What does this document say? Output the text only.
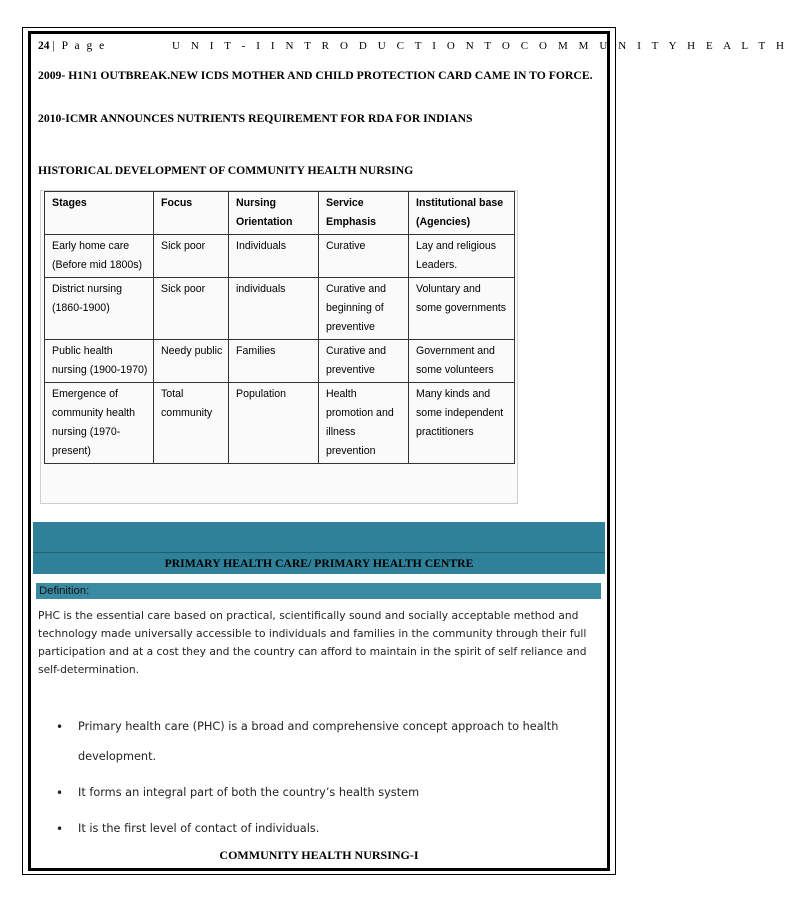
24 | P a g e	U N I T - I I N T R O D U C T I O N T O C O M M U N I T Y H E A L T H
2009- H1N1 OUTBREAK.NEW ICDS MOTHER AND CHILD PROTECTION CARD CAME IN TO FORCE.
2010-ICMR ANNOUNCES NUTRIENTS REQUIREMENT FOR RDA FOR INDIANS
HISTORICAL DEVELOPMENT OF COMMUNITY HEALTH NURSING
Stages	Focus	Nursing Orientation	Service Emphasis	Institutional base (Agencies)
Early home care (Before mid 1800s)	Sick poor	Individuals	Curative	Lay and religious Leaders.
District nursing (1860-1900)	Sick poor	individuals	Curative and beginning of preventive	Voluntary and some governments
Public health nursing (1900-1970)	Needy public	Families	Curative and preventive	Government and some volunteers
Emergence of community health nursing (1970-present)	Total community	Population	Health promotion and illness prevention	Many kinds and some independent practitioners
PRIMARY HEALTH CARE/ PRIMARY HEALTH CENTRE
Definition:
PHC is the essential care based on practical, scientifically sound and socially acceptable method and technology made universally accessible to individuals and families in the community through their full participation and at a cost they and the country can afford to maintain in the spirit of self reliance and self-determination.
• Primary health care (PHC) is a broad and comprehensive concept approach to health development.
• It forms an integral part of both the country’s health system
• It is the first level of contact of individuals.
COMMUNITY HEALTH NURSING-I
